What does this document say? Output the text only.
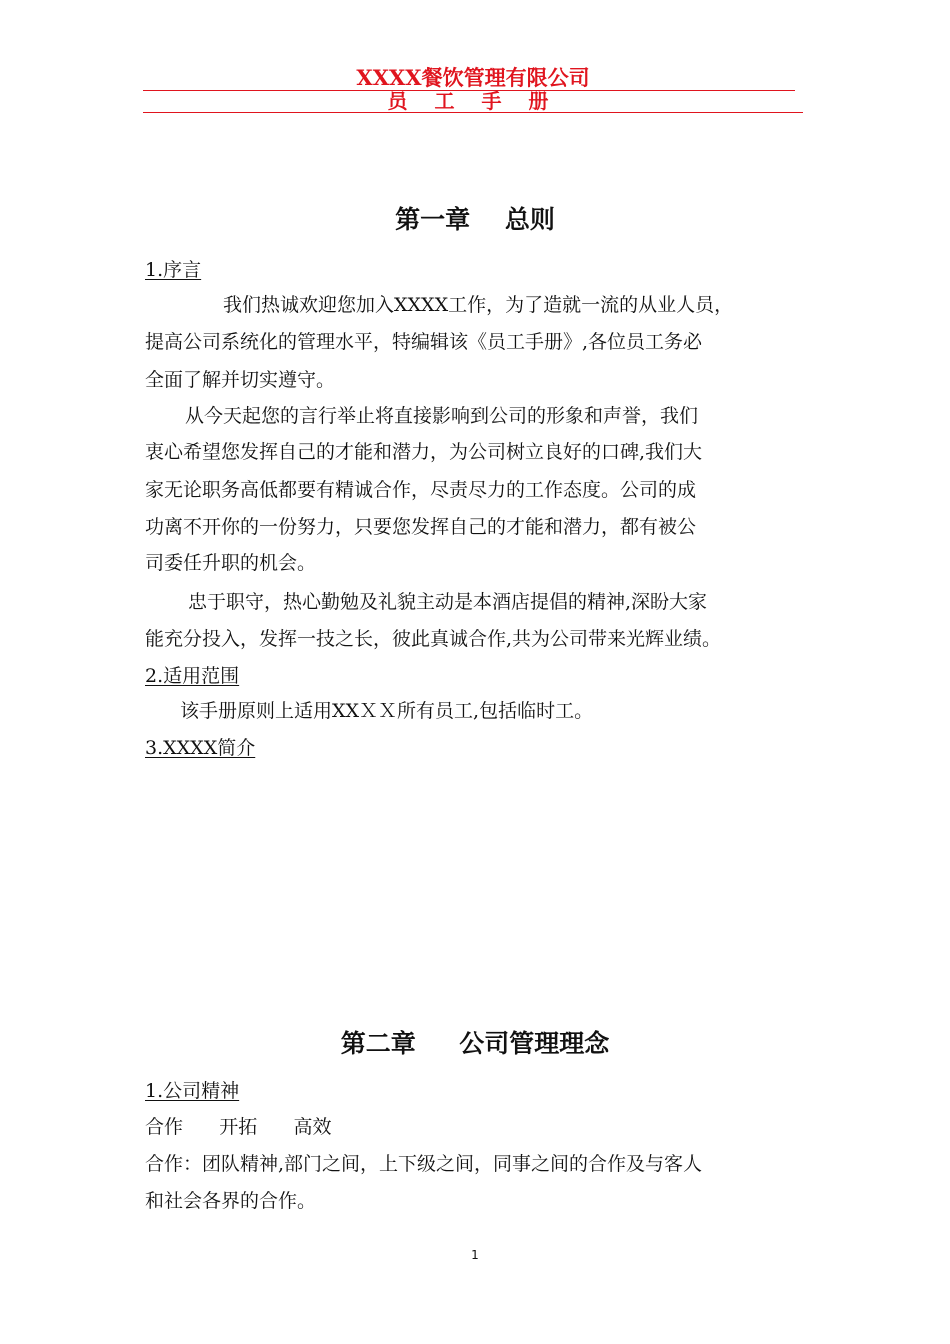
XXXX餐饮管理有限公司
员 工 手 册
第一章    总则

1.序言

我们热诚欢迎您加入XXXX工作，为了造就一流的从业人员，

提高公司系统化的管理水平，特编辑该《员工手册》,各位员工务必

全面了解并切实遵守。

从今天起您的言行举止将直接影响到公司的形象和声誉，我们

衷心希望您发挥自己的才能和潜力，为公司树立良好的口碑,我们大

家无论职务高低都要有精诚合作，尽责尽力的工作态度。公司的成

功离不开你的一份努力，只要您发挥自己的才能和潜力，都有被公

司委任升职的机会。

忠于职守，热心勤勉及礼貌主动是本酒店提倡的精神,深盼大家

能充分投入，发挥一技之长，彼此真诚合作,共为公司带来光辉业绩。

2.适用范围

该手册原则上适用XXＸＸ所有员工,包括临时工。

3.XXXX简介

第二章     公司管理理念

1.公司精神

合作      开拓      高效

合作：团队精神,部门之间，上下级之间，同事之间的合作及与客人

和社会各界的合作。

1
